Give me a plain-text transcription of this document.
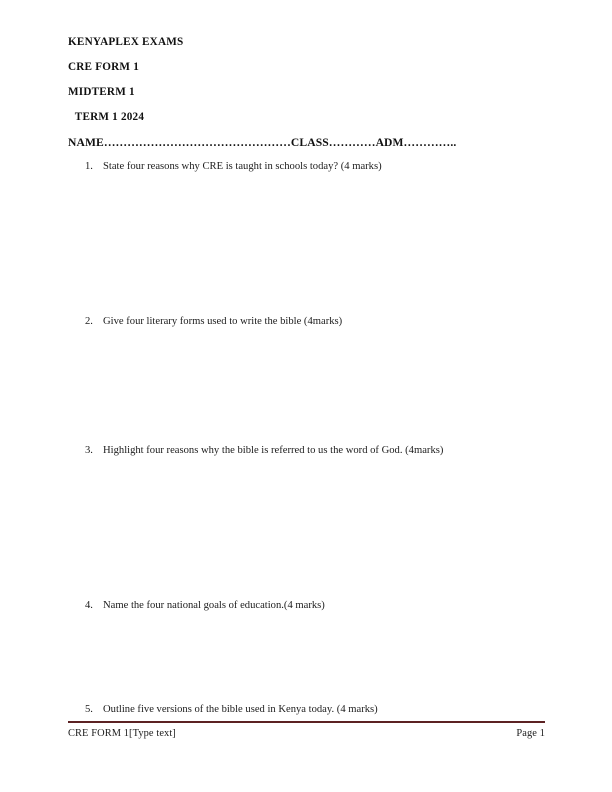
KENYAPLEX EXAMS
CRE FORM 1
MIDTERM 1
TERM 1 2024
NAME…………………………………………CLASS…………ADM…………..
1. State four reasons why CRE is taught in schools today? (4 marks)
2. Give four literary forms used to write the bible (4marks)
3. Highlight four reasons why the bible is referred to us the word of God. (4marks)
4. Name the four national goals of education.(4 marks)
5. Outline five versions of the bible used in Kenya today. (4 marks)
CRE FORM 1[Type text]	Page 1
